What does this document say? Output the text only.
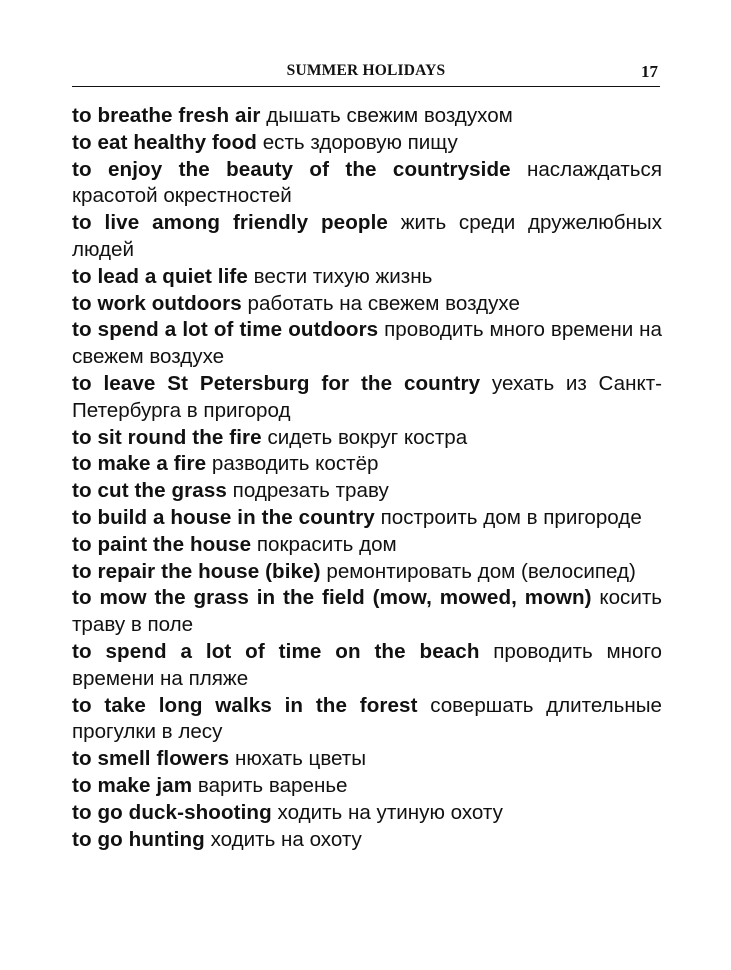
SUMMER HOLIDAYS	17
to breathe fresh air дышать свежим воздухом
to eat healthy food есть здоровую пищу
to enjoy the beauty of the countryside наслаждаться красотой окрестностей
to live among friendly people жить среди дружелюбных людей
to lead a quiet life вести тихую жизнь
to work outdoors работать на свежем воздухе
to spend a lot of time outdoors проводить много времени на свежем воздухе
to leave St Petersburg for the country уехать из Санкт-Петербурга в пригород
to sit round the fire сидеть вокруг костра
to make a fire разводить костёр
to cut the grass подрезать траву
to build a house in the country построить дом в пригороде
to paint the house покрасить дом
to repair the house (bike) ремонтировать дом (велосипед)
to mow the grass in the field (mow, mowed, mown) косить траву в поле
to spend a lot of time on the beach проводить много времени на пляже
to take long walks in the forest совершать длительные прогулки в лесу
to smell flowers нюхать цветы
to make jam варить варенье
to go duck-shooting ходить на утиную охоту
to go hunting ходить на охоту
